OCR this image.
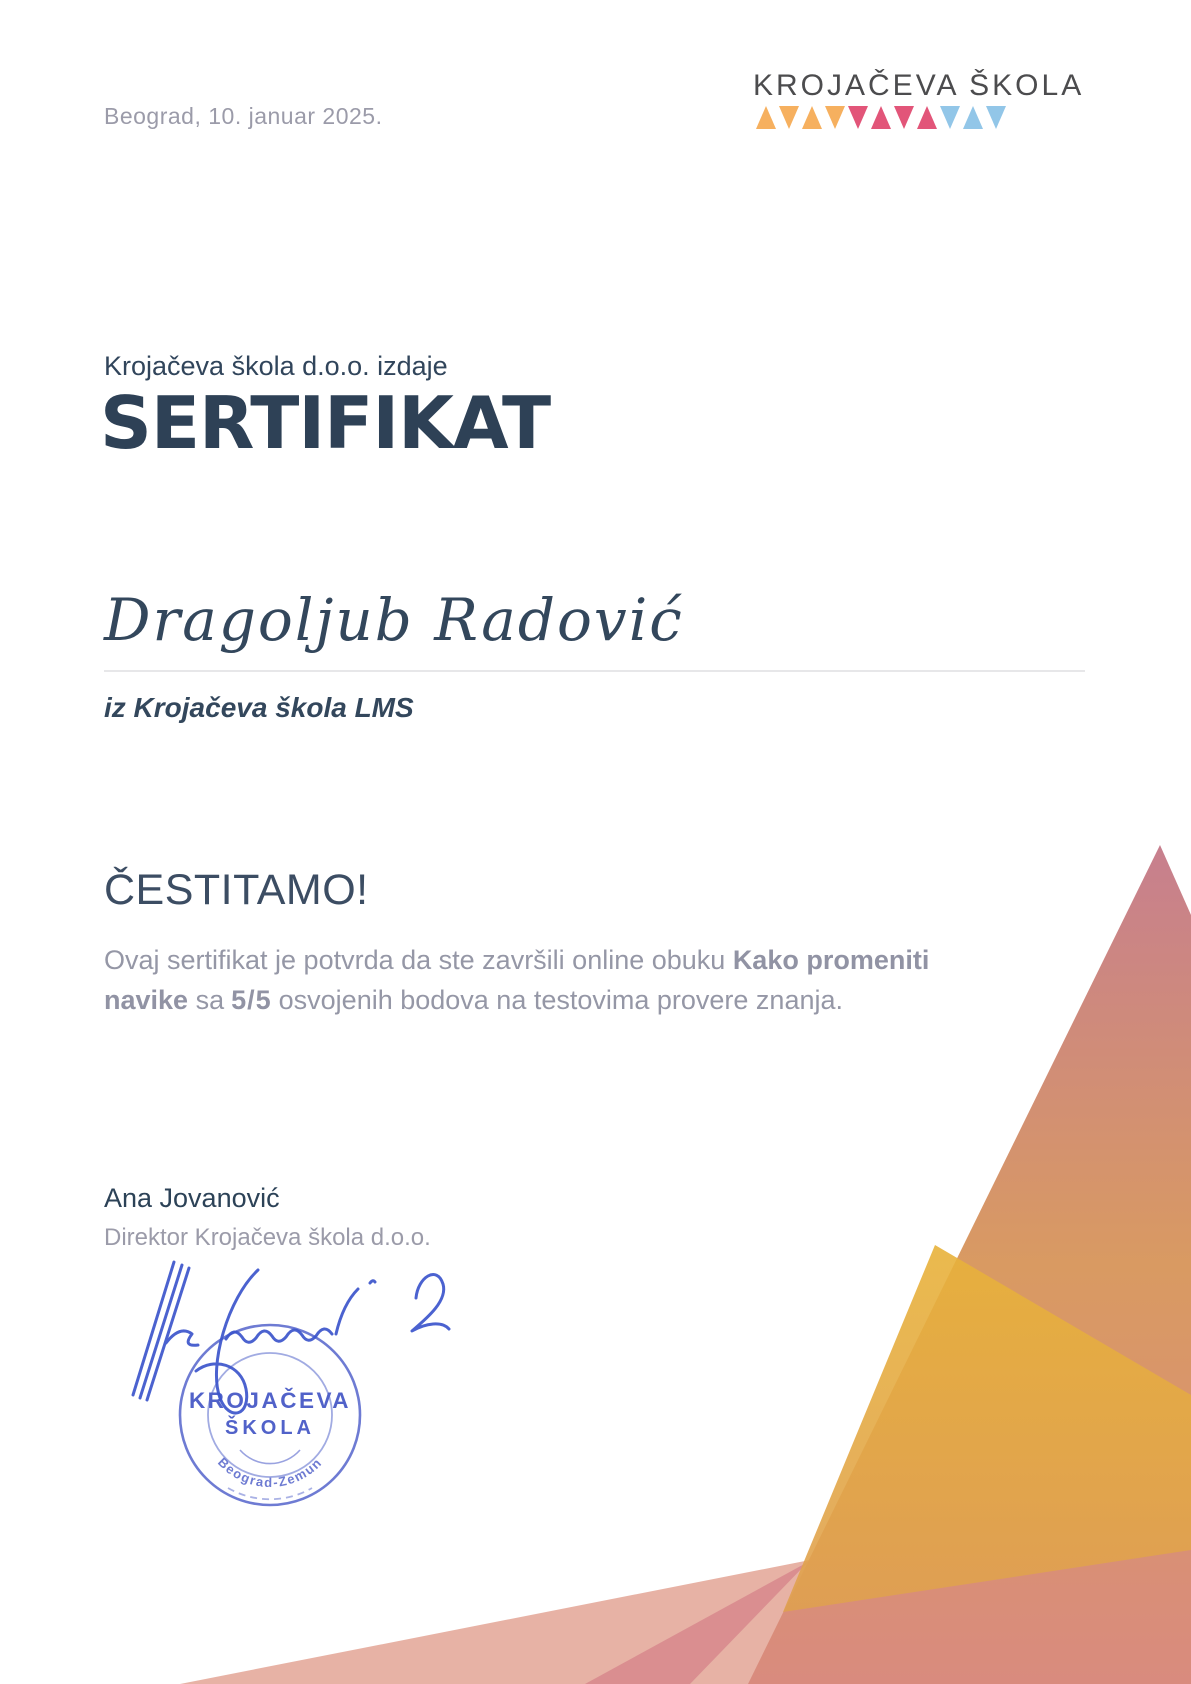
Beograd, 10. januar 2025.
KROJAČEVA ŠKOLA
Krojačeva škola d.o.o. izdaje
SERTIFIKAT
Dragoljub Radović
iz Krojačeva škola LMS
ČESTITAMO!
Ovaj sertifikat je potvrda da ste završili online obuku Kako promeniti navike sa 5/5 osvojenih bodova na testovima provere znanja.
Ana Jovanović
Direktor Krojačeva škola d.o.o.
KROJAČEVA
ŠKOLA
Beograd-Zemun
